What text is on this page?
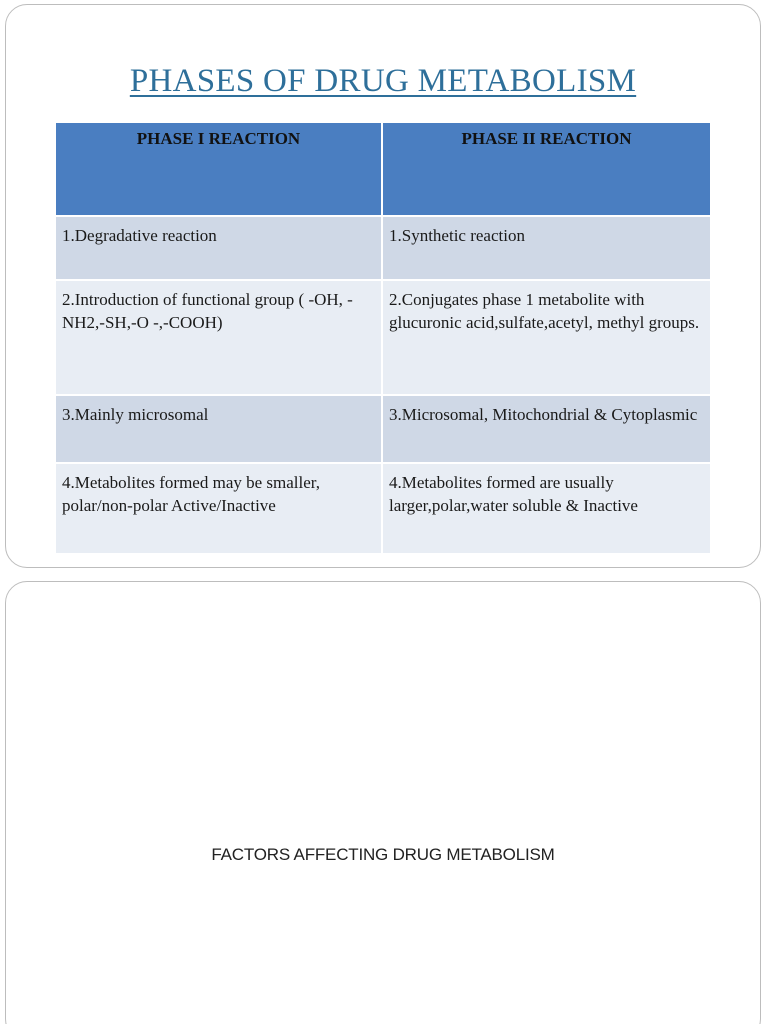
PHASES OF DRUG METABOLISM
PHASE I REACTION	PHASE II REACTION
1.Degradative reaction	1.Synthetic reaction
2.Introduction of functional group ( -OH, -NH2,-SH,-O -,-COOH)	2.Conjugates phase 1 metabolite with glucuronic acid,sulfate,acetyl, methyl groups.
3.Mainly microsomal	3.Microsomal, Mitochondrial & Cytoplasmic
4.Metabolites formed may be smaller, polar/non-polar Active/Inactive	4.Metabolites formed are usually larger,polar,water soluble & Inactive
FACTORS AFFECTING DRUG METABOLISM
